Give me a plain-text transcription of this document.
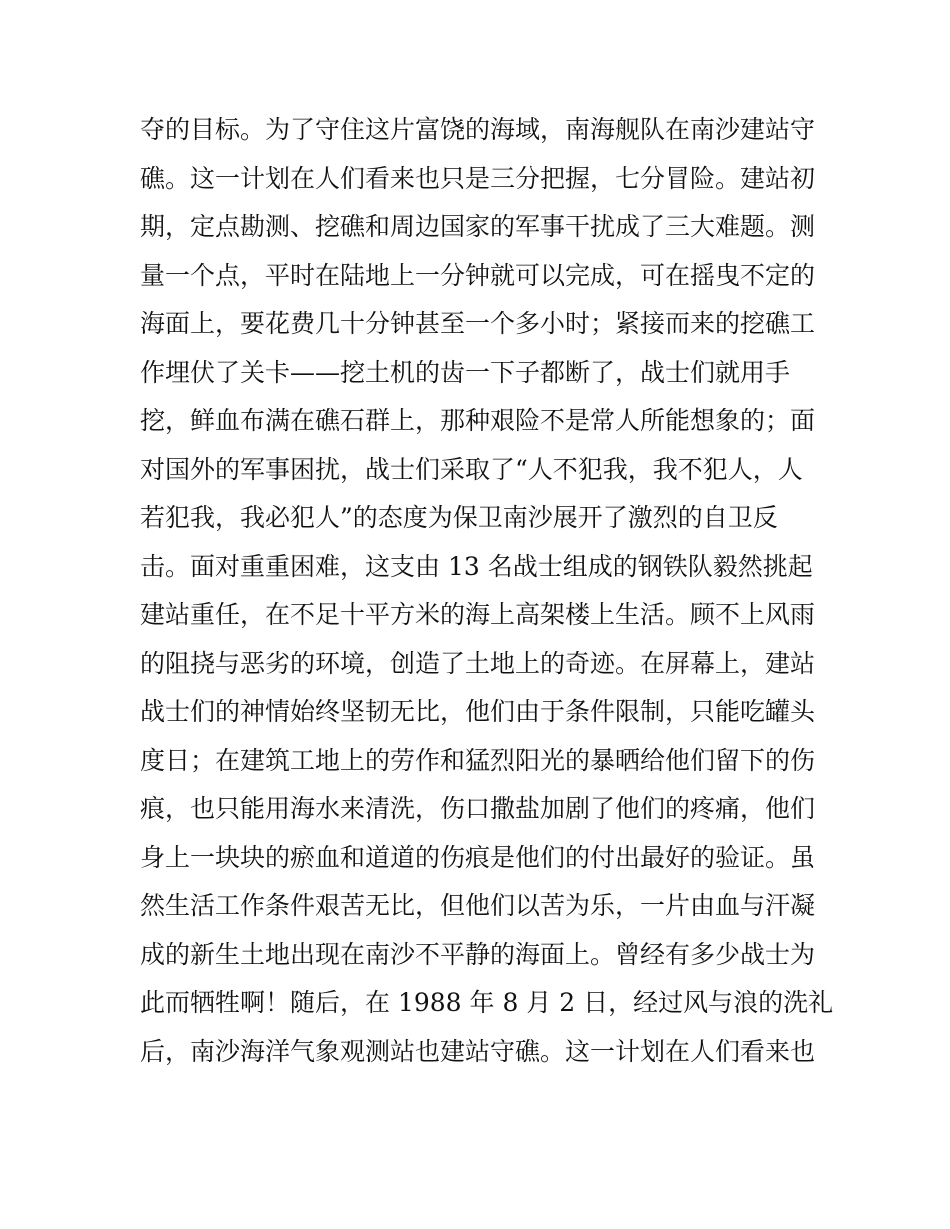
夺的目标。为了守住这片富饶的海域，南海舰队在南沙建站守
礁。这一计划在人们看来也只是三分把握，七分冒险。建站初
期，定点勘测、挖礁和周边国家的军事干扰成了三大难题。测
量一个点，平时在陆地上一分钟就可以完成，可在摇曳不定的
海面上，要花费几十分钟甚至一个多小时；紧接而来的挖礁工
作埋伏了关卡——挖土机的齿一下子都断了，战士们就用手
挖，鲜血布满在礁石群上，那种艰险不是常人所能想象的；面
对国外的军事困扰，战士们采取了“人不犯我，我不犯人，人
若犯我，我必犯人”的态度为保卫南沙展开了激烈的自卫反
击。面对重重困难，这支由 13 名战士组成的钢铁队毅然挑起
建站重任，在不足十平方米的海上高架楼上生活。顾不上风雨
的阻挠与恶劣的环境，创造了土地上的奇迹。在屏幕上，建站
战士们的神情始终坚韧无比，他们由于条件限制，只能吃罐头
度日；在建筑工地上的劳作和猛烈阳光的暴晒给他们留下的伤
痕，也只能用海水来清洗，伤口撒盐加剧了他们的疼痛，他们
身上一块块的瘀血和道道的伤痕是他们的付出最好的验证。虽
然生活工作条件艰苦无比，但他们以苦为乐，一片由血与汗凝
成的新生土地出现在南沙不平静的海面上。曾经有多少战士为
此而牺牲啊！随后，在 1988 年 8 月 2 日，经过风与浪的洗礼
后，南沙海洋气象观测站也建站守礁。这一计划在人们看来也
